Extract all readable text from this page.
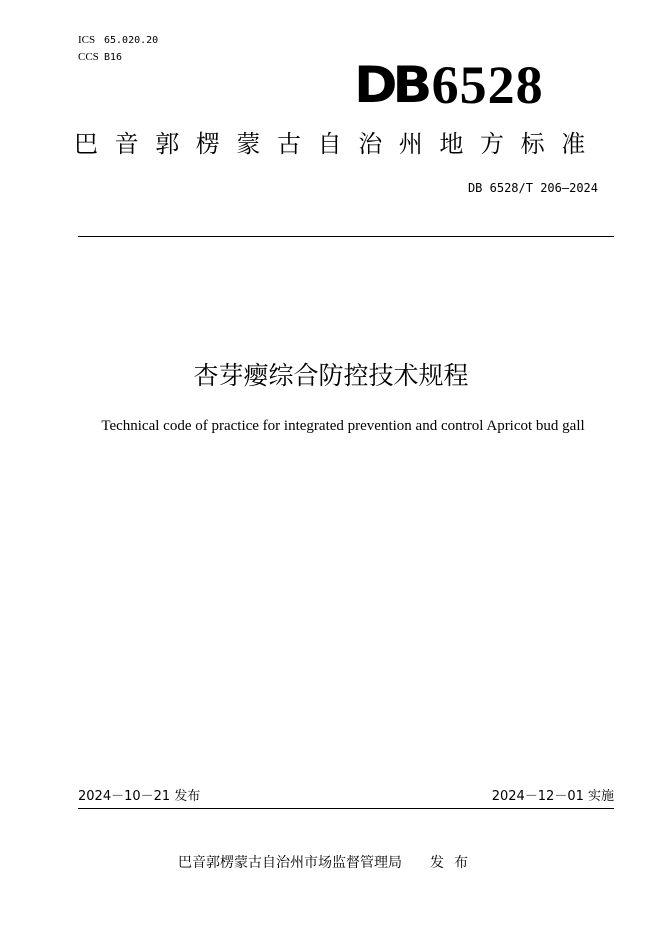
ICS 65.020.20
CCS B16	DB 6528
巴音郭楞蒙古自治州地方标准
DB 6528/T 206—2024
杏芽瘿综合防控技术规程
Technical code of practice for integrated prevention and control Apricot bud gall
2024－10－21 发布	2024－12－01 实施
巴音郭楞蒙古自治州市场监督管理局 发布
